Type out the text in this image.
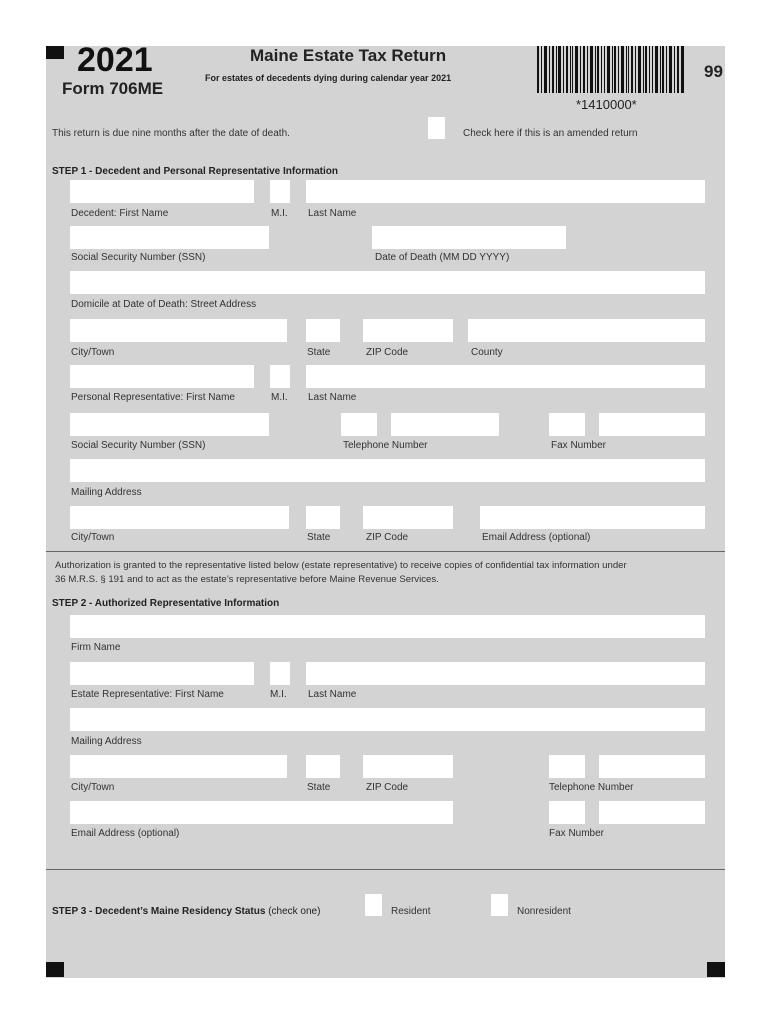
2021
Form 706ME
Maine Estate Tax Return
For estates of decedents dying during calendar year 2021
*1410000*
99
This return is due nine months after the date of death.	Check here if this is an amended return
STEP 1 - Decedent and Personal Representative Information
Decedent: First Name	M.I. Last Name
Social Security Number (SSN)	Date of Death (MM DD YYYY)
Domicile at Date of Death: Street Address
City/Town	State	ZIP Code	County
Personal Representative: First Name	M.I. Last Name
Social Security Number (SSN)	Telephone Number	Fax Number
Mailing Address
City/Town	State	ZIP Code	Email Address (optional)
Authorization is granted to the representative listed below (estate representative) to receive copies of confidential tax information under
36 M.R.S. § 191 and to act as the estate’s representative before Maine Revenue Services.
STEP 2 - Authorized Representative Information
Firm Name
Estate Representative: First Name	M.I. Last Name
Mailing Address
City/Town	State	ZIP Code	Telephone Number
Email Address (optional)	Fax Number
STEP 3 - Decedent’s Maine Residency Status (check one)	Resident	Nonresident
